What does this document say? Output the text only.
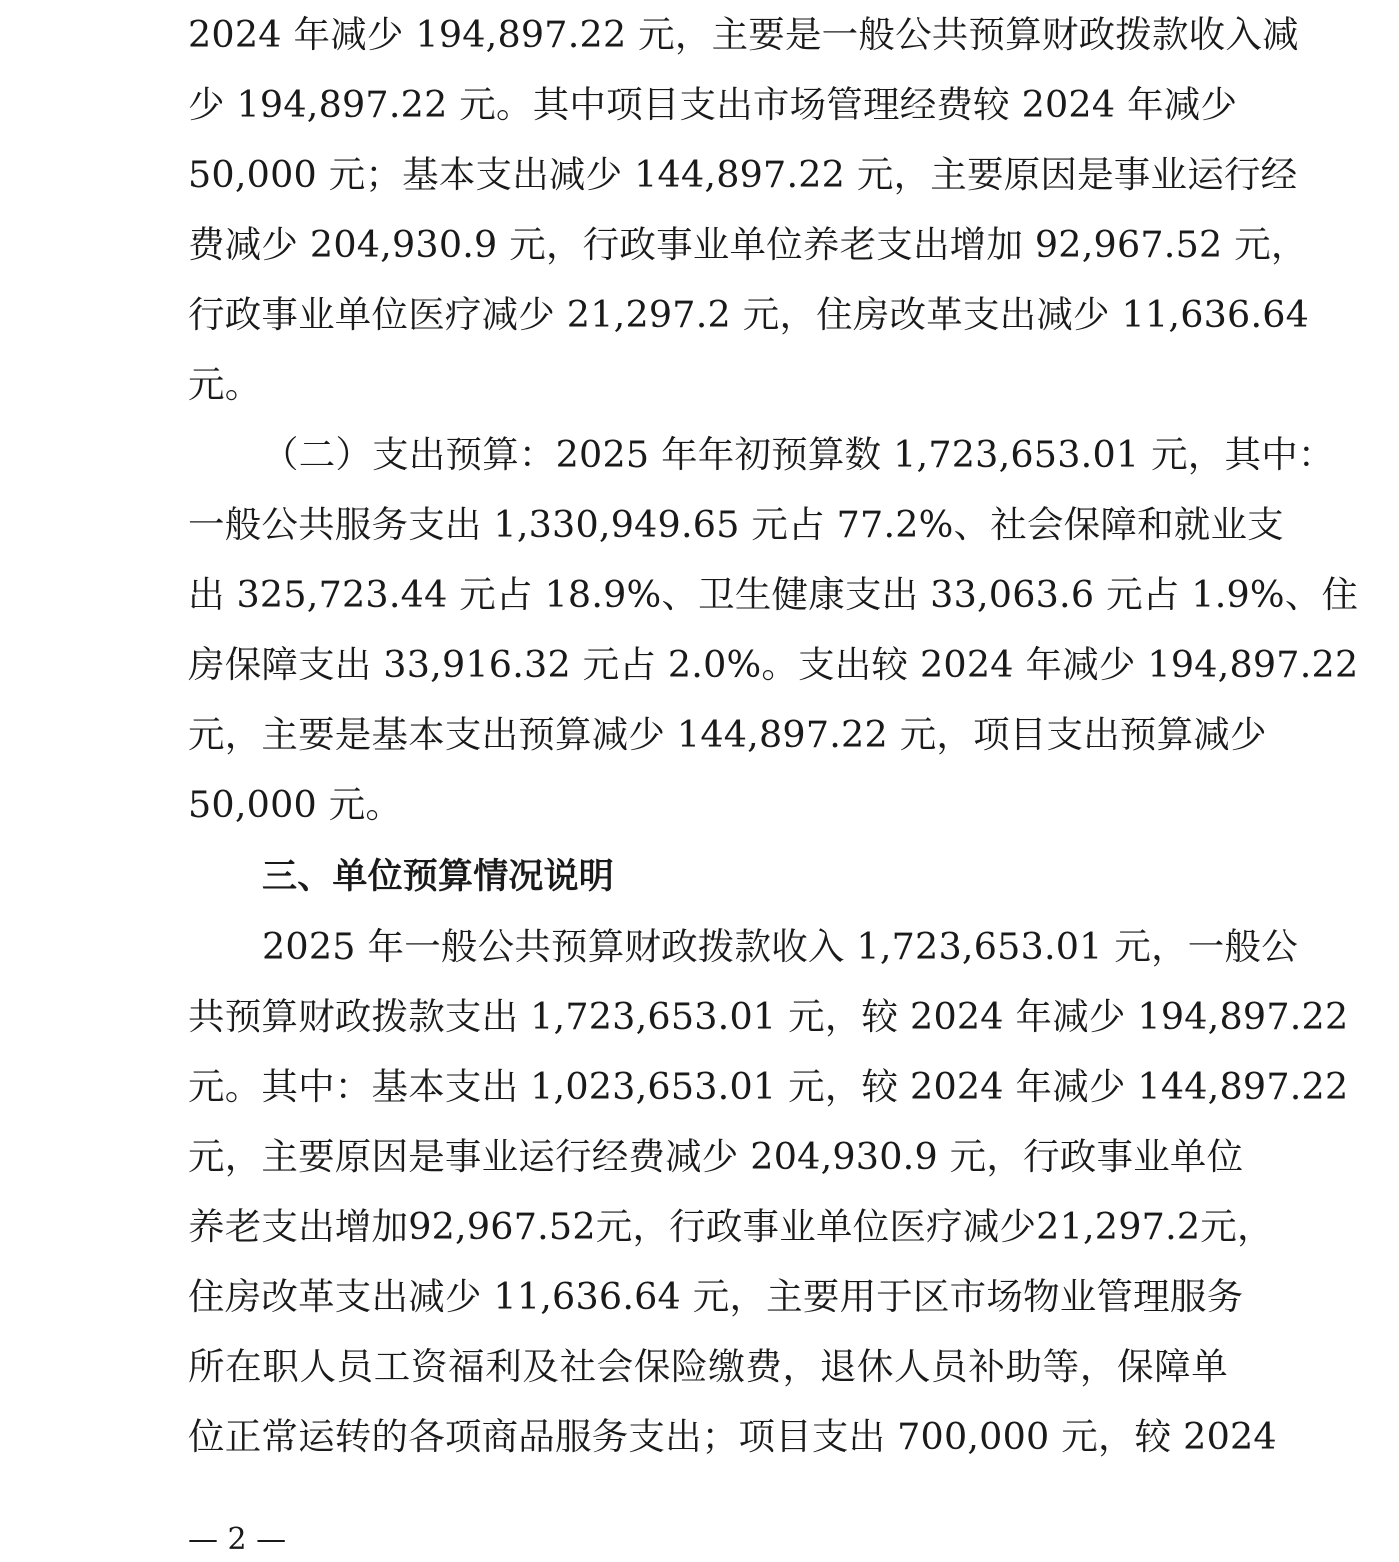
2024 年减少 194,897.22 元，主要是一般公共预算财政拨款收入减
少 194,897.22 元。其中项目支出市场管理经费较 2024 年减少
50,000 元；基本支出减少 144,897.22 元，主要原因是事业运行经
费减少 204,930.9 元，行政事业单位养老支出增加 92,967.52 元，
行政事业单位医疗减少 21,297.2 元，住房改革支出减少 11,636.64
元。
（二）支出预算：2025 年年初预算数 1,723,653.01 元，其中：
一般公共服务支出 1,330,949.65 元占 77.2%、社会保障和就业支
出 325,723.44 元占 18.9%、卫生健康支出 33,063.6 元占 1.9%、住
房保障支出 33,916.32 元占 2.0%。支出较 2024 年减少 194,897.22
元，主要是基本支出预算减少 144,897.22 元，项目支出预算减少
50,000 元。
三、单位预算情况说明
2025 年一般公共预算财政拨款收入 1,723,653.01 元，一般公
共预算财政拨款支出 1,723,653.01 元，较 2024 年减少 194,897.22
元。其中：基本支出 1,023,653.01 元，较 2024 年减少 144,897.22
元，主要原因是事业运行经费减少 204,930.9 元，行政事业单位
养老支出增加92,967.52元，行政事业单位医疗减少21,297.2元，
住房改革支出减少 11,636.64 元，主要用于区市场物业管理服务
所在职人员工资福利及社会保险缴费，退休人员补助等，保障单
位正常运转的各项商品服务支出；项目支出 700,000 元，较 2024
— 2 —
